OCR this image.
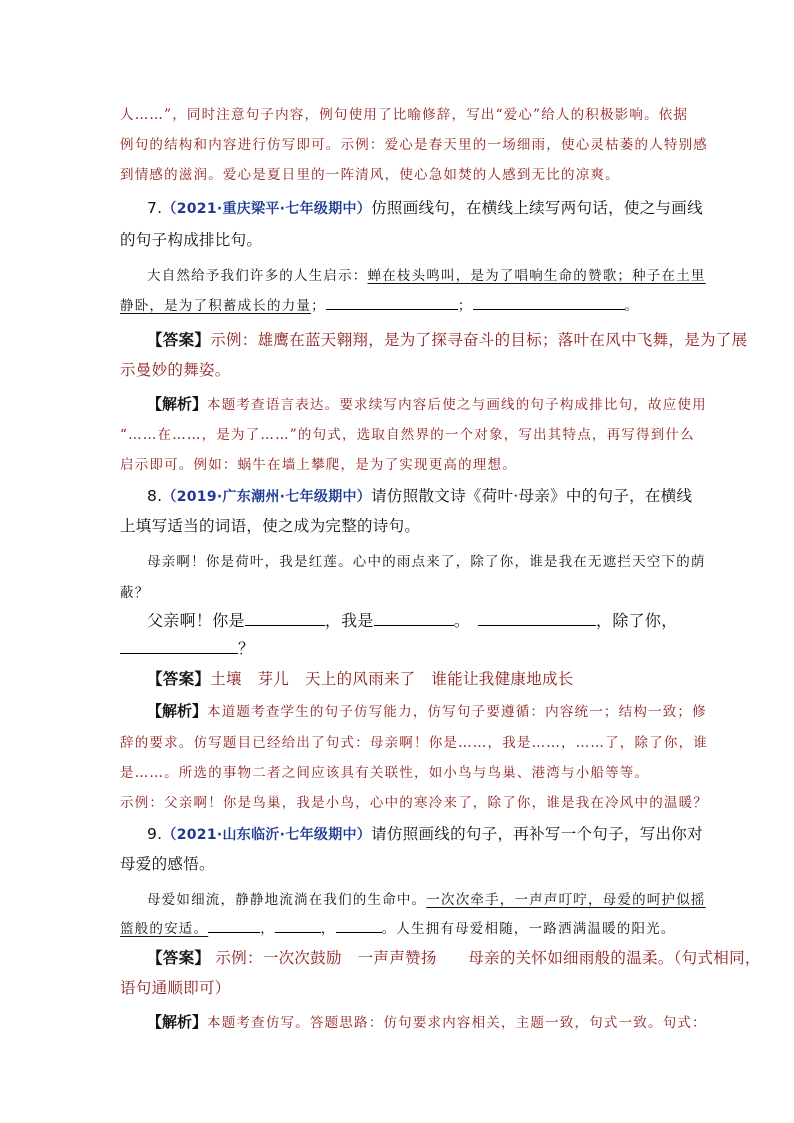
人……”，同时注意句子内容，例句使用了比喻修辞，写出“爱心”给人的积极影响。依据
例句的结构和内容进行仿写即可。示例：爱心是春天里的一场细雨，使心灵枯萎的人特别感
到情感的滋润。爱心是夏日里的一阵清风，使心急如焚的人感到无比的凉爽。
7.（2021·重庆梁平·七年级期中）仿照画线句，在横线上续写两句话，使之与画线
的句子构成排比句。
大自然给予我们许多的人生启示：蝉在枝头鸣叫，是为了唱响生命的赞歌；种子在土里
静卧，是为了积蓄成长的力量；	；	。
【答案】示例：雄鹰在蓝天翱翔，是为了探寻奋斗的目标；落叶在风中飞舞，是为了展
示曼妙的舞姿。
【解析】本题考查语言表达。要求续写内容后使之与画线的句子构成排比句，故应使用
“……在……，是为了……”的句式，选取自然界的一个对象，写出其特点，再写得到什么
启示即可。例如：蜗牛在墙上攀爬，是为了实现更高的理想。
8.（2019·广东潮州·七年级期中）请仿照散文诗《荷叶·母亲》中的句子，在横线
上填写适当的词语，使之成为完整的诗句。
母亲啊！你是荷叶，我是红莲。心中的雨点来了，除了你，谁是我在无遮拦天空下的荫
蔽？
父亲啊！你是	，我是	。	，除了你，
？
【答案】土壤　芽儿　天上的风雨来了　谁能让我健康地成长
【解析】本道题考查学生的句子仿写能力，仿写句子要遵循：内容统一；结构一致；修
辞的要求。仿写题目已经给出了句式：母亲啊！你是……，我是……，……了，除了你，谁
是……。所选的事物二者之间应该具有关联性，如小鸟与鸟巢、港湾与小船等等。
示例：父亲啊！你是鸟巢，我是小鸟，心中的寒冷来了，除了你，谁是我在冷风中的温暖？
9.（2021·山东临沂·七年级期中）请仿照画线的句子，再补写一个句子，写出你对
母爱的感悟。
母爱如细流，静静地流淌在我们的生命中。一次次牵手，一声声叮咛，母爱的呵护似摇
篮般的安适。	，	，	。人生拥有母爱相随，一路洒满温暖的阳光。
【答案】 示例：一次次鼓励　一声声赞扬　　母亲的关怀如细雨般的温柔。（句式相同，
语句通顺即可）
【解析】本题考查仿写。答题思路：仿句要求内容相关，主题一致，句式一致。句式：
